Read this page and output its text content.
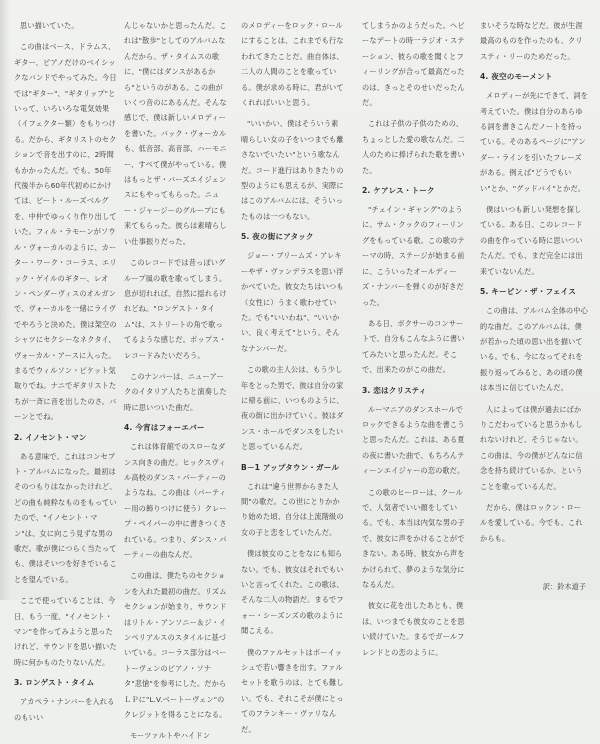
思い描いていた。

この曲はベース、ドラムス、ギター、ピアノだけのベイシックなバンドでやってみた。今日では"ギター"、"ギタリップ"といって、いろいろな電気効果（イフェクター類）をもりつける。だから、ギタリストのセクションで音を出すのに、2時間もかかったんだ。でも、50年代後半から60年代初めにかけては、ビート・ルーズベルグを、中仲でゆっくり作り出していた。フィル・ラモーンがソウル・ヴォーカルのように、カーター・ワーク・コーラス、エリック・ゲイルのギター、レオン・ペンダーヴィスのオルガンで、ヴォーカルを一緒にライヴでやろうと決めた。僕は架空のシャツにセクシーなネクタイ、ヴォーカル・アースに入った。まるでウィルソン・ピケット気取りでね。ナニでギタリストたちが一斉に音を出したのさ。バーンとでね。

2. イノセント・マン

ある意味で、これはコンセプト・アルバムになった。最初はそのつもりはなかったけれど、どの曲も純粋なものをもっていたので、"イノセント・マン"は、女に向こう見ずな男の歌だ。歌が僕につらく当たっても、僕はそいつを好きでいることを望んでいる。

ここで使っていることは、今日、もう一度、"イノセント・マン"を作ってみようと思ったけれど、サウンドを思い描いた時に何かものたりないんだ。

3. ロンゲスト・タイム

アカペラ・ナンバーを入れるのもいい

んじゃないかと思ったんだ。これは"散歩"としてのアルバムなんだから、ザ・タイムスの歌に、"僕にはダンスがあるから"というのがある。この曲がいくつ音のにあるんだ。そんな感じで、僕は新しいメロディーを書いた。バック・ヴォーカルも、低音部、高音部、ハーモニー、すべて僕がやっている。僕はもっとザ・バーズエイジェンスにもやってもらった。ニュー・ジャージーのグループにも来てもらった。彼らは素晴らしい仕事振りだった。

このレコードでは昔っぽいグループ風の歌を歌ってしまう。息が切れれば、自然に揺れるけれどね。"ロンゲスト・タイム"は、ストリートの角で歌ってるような感じだ。ポップス・レコードみたいだろう。

このナンバーは、ニューアークのイタリア人たちと演奏した時に思いついた曲だ。

4. 今宵はフォーエバー

これは体育館でのスローなダンス向きの曲だ。ヒックスヴィル高校のダンス・パーティーのようなね。この曲は（パーティー用の飾りつけに使う）クレープ・ペイパーの中に書きつくされている。つまり、ダンス・パーティーの曲なんだ。

この曲は、僕たちのセクションを入れた最初の曲だ。リズムセクションが始まり、サウンドはリトル・アンソニー＆ジ・インペリアルスのスタイルに基づいている。コーラス部分はベートーヴェンのピアノ・ソナタ"悲愴"を参考にした。だからＬＰに"L.V.ベートーヴェン"のクレジットを得ることになる。

モーツァルトやハイドン

のメロディーをロック・ロールにすることは、これまでも行なわれてきたことだ。曲自体は、二人の人間のことを歌っている。僕が求める時に、君がいてくれればいいと思う。

"いいかい、僕はそういう素晴らしい女の子をいつまでも離さないでいたい"という歌なんだ。コード進行はありきたりの型のようにも思えるが、実際にはこのアルバムには、そういったものは一つもない。

5. 夜の街にアタック

ジョー・ブリームズ・アレキーやザ・ヴァンデラスを思い浮かべていた。彼女たちはいつも（女性に）うまく歌わせていた。でも"いいわね"、"いいかい、良く考えて"という。そんなナンバーだ。

この歌の主人公は、もう少し年をとった男で、彼は自分の家に帰る前に、いつものように、夜の街に出かけていく。彼はダンス・ホールでダンスをしたいと思っているんだ。

B－1 アップタウン・ガール

これは"違う世界からきた人間"の歌だ。この世にとりかかり始めた頃、自分は上流階級の女の子と恋をしていたんだ。

僕は彼女のことをなにも知らない。でも、彼女はそれでもいいと言ってくれた。この歌は、そんな二人の物語だ。まるでフォー・シーズンズの歌のように聞こえる。

僕のファルセットはボーイッシュで若い響きを出す。ファルセットを歌うのは、とても難しい。でも、それこそが僕にとってのフランキー・ヴァリなんだ。

てしまうかのようだった。ヘビーなデートの時一ラジオ・ステーション、彼らの歌を聞くとフィーリングが合って最高だったのは、きっとそのせいだったんだ。

これは子供の子供のための、ちょっとした愛の歌なんだ。二人のために捧げられた歌を書いた。

2. ケアレス・トーク

"チェイン・ギャング"のように、サム・クックのフィーリングをもっている歌。この歌のテーマの時、ステージが始まる前に、こういったオールディーズ・ナンバーを弾くのが好きだった。

ある日、ボクサーのコンサートで、自分もこんなふうに書いてみたいと思ったんだ。そこで、出来たのがこの曲だ。

3. 恋はクリスティ

ルーマニアのダンスホールでロックできるような曲を書こうと思ったんだ。これは、ある夏の夜に書いた曲で、もちろんティーンエイジャーの恋の歌だ。

この歌のヒーローは、クールで、人気者でいい顔をしている。でも、本当は内気な男の子で、彼女に声をかけることができない。ある時、彼女から声をかけられて、夢のような気分になるんだ。

彼女に花を出したあとも、僕は、いつまでも彼女のことを思い続けていた。まるでガールフレンドとの恋のように。

まいそうな時などだ。彼が生涯最高のものを作ったのも、クリスティ・リーのためだった。

4. 夜空のモーメント

メロディーが先にできて、詞を考えていた。僕は自分のあらゆる詞を書きこんだノートを持っている。そのあるページに"アンダー・ラインを引いたフレーズがある。例えば"どうでもいい"とか、"グッドバイ"とかだ。

僕はいつも新しい発想を探している。ある日、このレコードの曲を作っている時に思いついたんだ。でも、まだ完全には出来ていないんだ。

5. キーピン・ザ・フェイス

この曲は、アルバム全体の中心的な曲だ。このアルバムは、僕が若かった頃の思い出を描いている。でも、今になってそれを振り返ってみると、あの頃の僕は本当に信じていたんだ。

人によっては僕が過去にばかりこだわっていると思うかもしれないけれど、そうじゃない。この曲は、今の僕がどんなに信念を持ち続けているか、ということを歌っているんだ。

だから、僕はロックン・ロールを愛している。今でも、これからも。

訳：鈴木道子
